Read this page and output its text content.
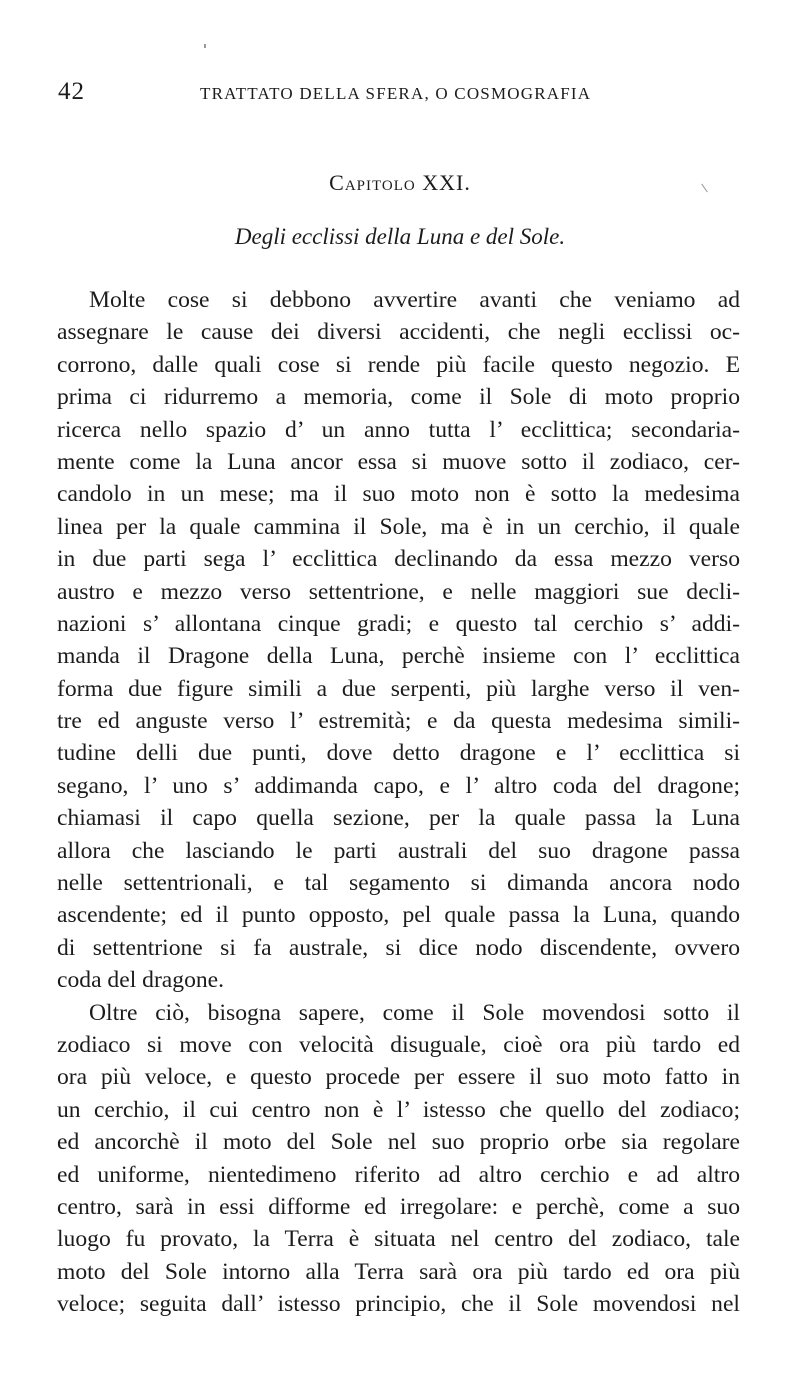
42	TRATTATO DELLA SFERA, O COSMOGRAFIA
Capitolo XXI.
Degli ecclissi della Luna e del Sole.
Molte cose si debbono avvertire avanti che veniamo ad
assegnare le cause dei diversi accidenti, che negli ecclissi oc-
corrono, dalle quali cose si rende più facile questo negozio. E
prima ci ridurremo a memoria, come il Sole di moto proprio
ricerca nello spazio d’ un anno tutta l’ ecclittica; secondaria-
mente come la Luna ancor essa si muove sotto il zodiaco, cer-
candolo in un mese; ma il suo moto non è sotto la medesima
linea per la quale cammina il Sole, ma è in un cerchio, il quale
in due parti sega l’ ecclittica declinando da essa mezzo verso
austro e mezzo verso settentrione, e nelle maggiori sue decli-
nazioni s’ allontana cinque gradi; e questo tal cerchio s’ addi-
manda il Dragone della Luna, perchè insieme con l’ ecclittica
forma due figure simili a due serpenti, più larghe verso il ven-
tre ed anguste verso l’ estremità; e da questa medesima simili-
tudine delli due punti, dove detto dragone e l’ ecclittica si
segano, l’ uno s’ addimanda capo, e l’ altro coda del dragone;
chiamasi il capo quella sezione, per la quale passa la Luna
allora che lasciando le parti australi del suo dragone passa
nelle settentrionali, e tal segamento si dimanda ancora nodo
ascendente; ed il punto opposto, pel quale passa la Luna, quando
di settentrione si fa australe, si dice nodo discendente, ovvero
coda del dragone.
Oltre ciò, bisogna sapere, come il Sole movendosi sotto il
zodiaco si move con velocità disuguale, cioè ora più tardo ed
ora più veloce, e questo procede per essere il suo moto fatto in
un cerchio, il cui centro non è l’ istesso che quello del zodiaco;
ed ancorchè il moto del Sole nel suo proprio orbe sia regolare
ed uniforme, nientedimeno riferito ad altro cerchio e ad altro
centro, sarà in essi difforme ed irregolare: e perchè, come a suo
luogo fu provato, la Terra è situata nel centro del zodiaco, tale
moto del Sole intorno alla Terra sarà ora più tardo ed ora più
veloce; seguita dall’ istesso principio, che il Sole movendosi nel
